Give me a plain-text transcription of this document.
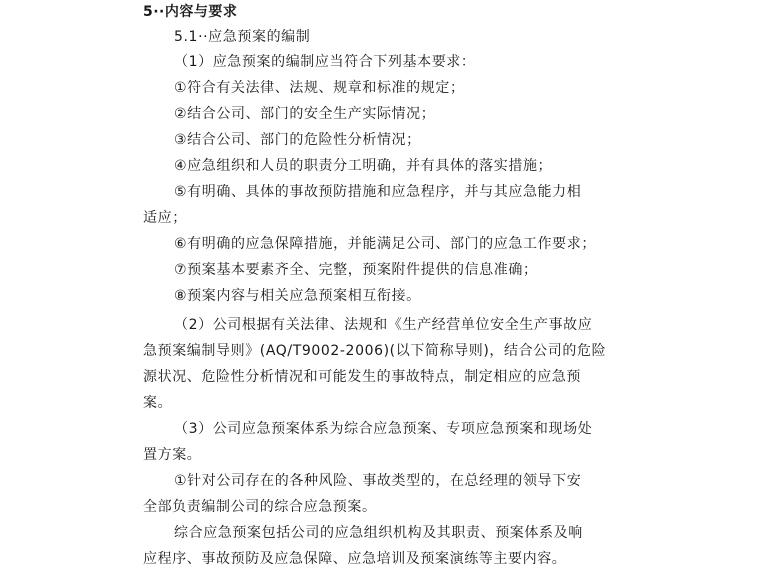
5··内容与要求
5.1··应急预案的编制
（1）应急预案的编制应当符合下列基本要求：
①符合有关法律、法规、规章和标准的规定；
②结合公司、部门的安全生产实际情况；
③结合公司、部门的危险性分析情况；
④应急组织和人员的职责分工明确，并有具体的落实措施；
⑤有明确、具体的事故预防措施和应急程序，并与其应急能力相
适应；
⑥有明确的应急保障措施，并能满足公司、部门的应急工作要求；
⑦预案基本要素齐全、完整，预案附件提供的信息准确；
⑧预案内容与相关应急预案相互衔接。
（2）公司根据有关法律、法规和《生产经营单位安全生产事故应
急预案编制导则》(AQ/T9002-2006)(以下简称导则)，结合公司的危险
源状况、危险性分析情况和可能发生的事故特点，制定相应的应急预
案。
（3）公司应急预案体系为综合应急预案、专项应急预案和现场处
置方案。
①针对公司存在的各种风险、事故类型的，在总经理的领导下安
全部负责编制公司的综合应急预案。
综合应急预案包括公司的应急组织机构及其职责、预案体系及响
应程序、事故预防及应急保障、应急培训及预案演练等主要内容。
